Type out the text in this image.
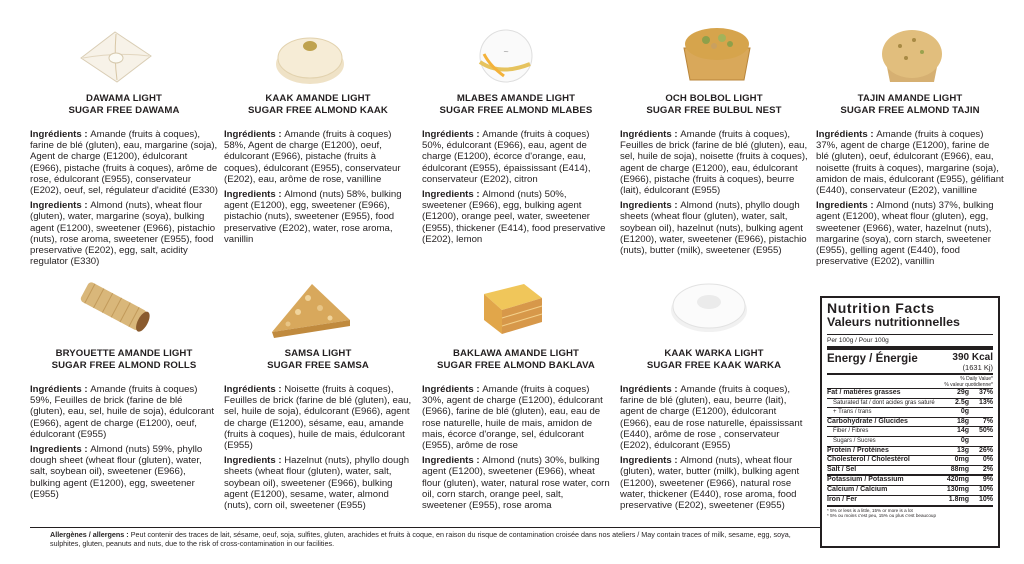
~
DAWAMA LIGHT
SUGAR FREE DAWAMA

Ingrédients : Amande (fruits à coques), farine de blé (gluten), eau, margarine (soja), Agent de charge (E1200), édulcorant (E966), pistache (fruits à coques), arôme de rose, édulcorant (E955), conservateur (E202), oeuf, sel, régulateur d'acidité (E330)

Ingredients : Almond (nuts), wheat flour (gluten), water, margarine (soya), bulking agent (E1200), sweetener (E966), pistachio (nuts), rose aroma, sweetener (E955), food preservative (E202), egg, salt, acidity regulator (E330)

KAAK AMANDE LIGHT
SUGAR FREE ALMOND KAAK

Ingrédients : Amande (fruits à coques) 58%, Agent de charge (E1200), oeuf, édulcorant (E966), pistache (fruits à coques), édulcorant (E955), conservateur (E202), eau, arôme de rose, vanilline

Ingredients : Almond (nuts) 58%, bulking agent (E1200), egg, sweetener (E966), pistachio (nuts), sweetener (E955), food preservative (E202), water, rose aroma, vanillin

MLABES AMANDE LIGHT
SUGAR FREE ALMOND MLABES

Ingrédients : Amande (fruits à coques) 50%, édulcorant (E966), eau, agent de charge (E1200), écorce d'orange, eau, édulcorant (E955), épaississant (E414), conservateur (E202), citron

Ingredients : Almond (nuts) 50%, sweetener (E966), egg, bulking agent (E1200), orange peel, water, sweetener (E955), thickener (E414), food preservative (E202), lemon

OCH BOLBOL LIGHT
SUGAR FREE BULBUL NEST

Ingrédients : Amande (fruits à coques), Feuilles de brick (farine de blé (gluten), eau, sel, huile de soja), noisette (fruits à coques), agent de charge (E1200), eau, édulcorant (E966), pistache (fruits à coques), beurre (lait), édulcorant (E955)

Ingredients : Almond (nuts), phyllo dough sheets (wheat flour (gluten), water, salt, soybean oil), hazelnut (nuts), bulking agent (E1200), water, sweetener (E966), pistachio (nuts), butter (milk), sweetener (E955)

TAJIN AMANDE LIGHT
SUGAR FREE ALMOND TAJIN

Ingrédients : Amande (fruits à coques) 37%, agent de charge (E1200), farine de blé (gluten), oeuf, édulcorant (E966), eau, noisette (fruits à coques), margarine (soja), amidon de mais, édulcorant (E955), gélifiant (E440), conservateur (E202), vanilline

Ingredients : Almond (nuts) 37%, bulking agent (E1200), wheat flour (gluten), egg, sweetener (E966), water, hazelnut (nuts), margarine (soya), corn starch, sweetener (E955), gelling agent (E440), food preservative (E202), vanillin

BRYOUETTE AMANDE LIGHT
SUGAR FREE ALMOND ROLLS

Ingrédients : Amande (fruits à coques) 59%, Feuilles de brick (farine de blé (gluten), eau, sel, huile de soja), édulcorant (E966), agent de charge (E1200), oeuf, édulcorant (E955)

Ingredients : Almond (nuts) 59%, phyllo dough sheet (wheat flour (gluten), water, salt, soybean oil), sweetener (E966), bulking agent (E1200), egg, sweetener (E955)

SAMSA LIGHT
SUGAR FREE SAMSA

Ingrédients : Noisette (fruits à coques), Feuilles de brick (farine de blé (gluten), eau, sel, huile de soja), édulcorant (E966), agent de charge (E1200), sésame, eau, amande (fruits à coques), huile de mais, édulcorant (E955)

Ingredients : Hazelnut (nuts), phyllo dough sheets (wheat flour (gluten), water, salt, soybean oil), sweetener (E966), bulking agent (E1200), sesame, water, almond (nuts), corn oil, sweetener (E955)

BAKLAWA AMANDE LIGHT
SUGAR FREE ALMOND BAKLAVA

Ingrédients : Amande (fruits à coques) 30%, agent de charge (E1200), édulcorant (E966), farine de blé (gluten), eau, eau de rose naturelle, huile de mais, amidon de mais, écorce d'orange, sel, édulcorant (E955), arôme de rose

Ingredients : Almond (nuts) 30%, bulking agent (E1200), sweetener (E966), wheat flour (gluten), water, natural rose water, corn oil, corn starch, orange peel, salt, sweetener (E955), rose aroma

KAAK WARKA LIGHT
SUGAR FREE KAAK WARKA

Ingrédients : Amande (fruits à coques), farine de blé (gluten), eau, beurre (lait), agent de charge (E1200), édulcorant (E966), eau de rose naturelle, épaississant (E440), arôme de rose , conservateur (E202), édulcorant (E955)

Ingredients : Almond (nuts), wheat flour (gluten), water, butter (milk), bulking agent (E1200), sweetener (E966), natural rose water, thickener (E440), rose aroma, food preservative (E202), sweetener (E955)

Allergènes / allergens : Peut contenir des traces de lait, sésame, oeuf, soja, sulfites, gluten, arachides et fruits à coque, en raison du risque de contamination croisée dans nos ateliers / May contain traces of milk, sesame, egg, soya, sulphites, gluten, peanuts and nuts, due to the risk of cross-contamination in our facilities.

Nutrition Facts
Valeurs nutritionnelles
Per 100g / Pour 100g
Energy / Énergie	390 Kcal
(1631 Kj)
% Daily Value*
% valeur quotidienne*
Fat / matières grasses	29g	37%
Saturated fat / dont acides gras saturé	2.5g	13%
+ Trans / trans	0g
Carbohydrate / Glucides	18g	7%
Fiber / Fibres	14g	50%
Sugars / Sucres	0g
Protein / Protéines	13g	26%
Cholesterol / Cholestérol	0mg	0%
Salt / Sel	88mg	2%
Potassium / Potassium	420mg	9%
Calcium / Calcium	130mg	10%
Iron / Fer	1.8mg	10%
* 5% or less is a little, 15% or more is a lot
* 5% ou moins c'est peu, 15% ou plus c'est beaucoup
